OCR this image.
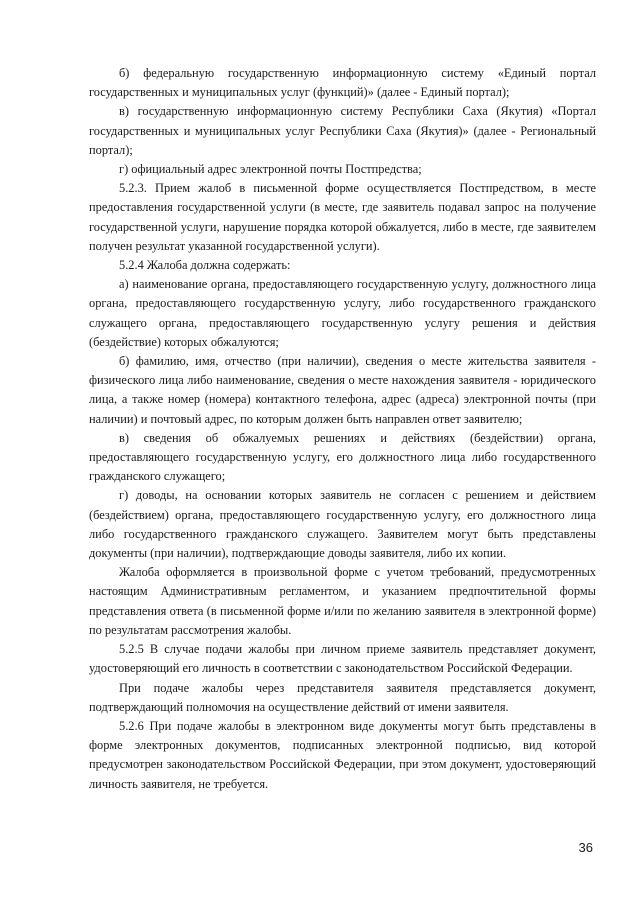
б) федеральную государственную информационную систему «Единый портал государственных и муниципальных услуг (функций)» (далее - Единый портал);

в) государственную информационную систему Республики Саха (Якутия) «Портал государственных и муниципальных услуг Республики Саха (Якутия)» (далее - Региональный портал);

г) официальный адрес электронной почты Постпредства;

5.2.3. Прием жалоб в письменной форме осуществляется Постпредством, в месте предоставления государственной услуги (в месте, где заявитель подавал запрос на получение государственной услуги, нарушение порядка которой обжалуется, либо в месте, где заявителем получен результат указанной государственной услуги).

5.2.4 Жалоба должна содержать:

а) наименование органа, предоставляющего государственную услугу, должностного лица органа, предоставляющего государственную услугу, либо государственного гражданского служащего органа, предоставляющего государственную услугу решения и действия (бездействие) которых обжалуются;

б) фамилию, имя, отчество (при наличии), сведения о месте жительства заявителя - физического лица либо наименование, сведения о месте нахождения заявителя - юридического лица, а также номер (номера) контактного телефона, адрес (адреса) электронной почты (при наличии) и почтовый адрес, по которым должен быть направлен ответ заявителю;

в) сведения об обжалуемых решениях и действиях (бездействии) органа, предоставляющего государственную услугу, его должностного лица либо государственного гражданского служащего;

г) доводы, на основании которых заявитель не согласен с решением и действием (бездействием) органа, предоставляющего государственную услугу, его должностного лица либо государственного гражданского служащего. Заявителем могут быть представлены документы (при наличии), подтверждающие доводы заявителя, либо их копии.

Жалоба оформляется в произвольной форме с учетом требований, предусмотренных настоящим Административным регламентом, и указанием предпочтительной формы представления ответа (в письменной форме и/или по желанию заявителя в электронной форме) по результатам рассмотрения жалобы.

5.2.5 В случае подачи жалобы при личном приеме заявитель представляет документ, удостоверяющий его личность в соответствии с законодательством Российской Федерации.

При подаче жалобы через представителя заявителя представляется документ, подтверждающий полномочия на осуществление действий от имени заявителя.

5.2.6 При подаче жалобы в электронном виде документы могут быть представлены в форме электронных документов, подписанных электронной подписью, вид которой предусмотрен законодательством Российской Федерации, при этом документ, удостоверяющий личность заявителя, не требуется.

36
